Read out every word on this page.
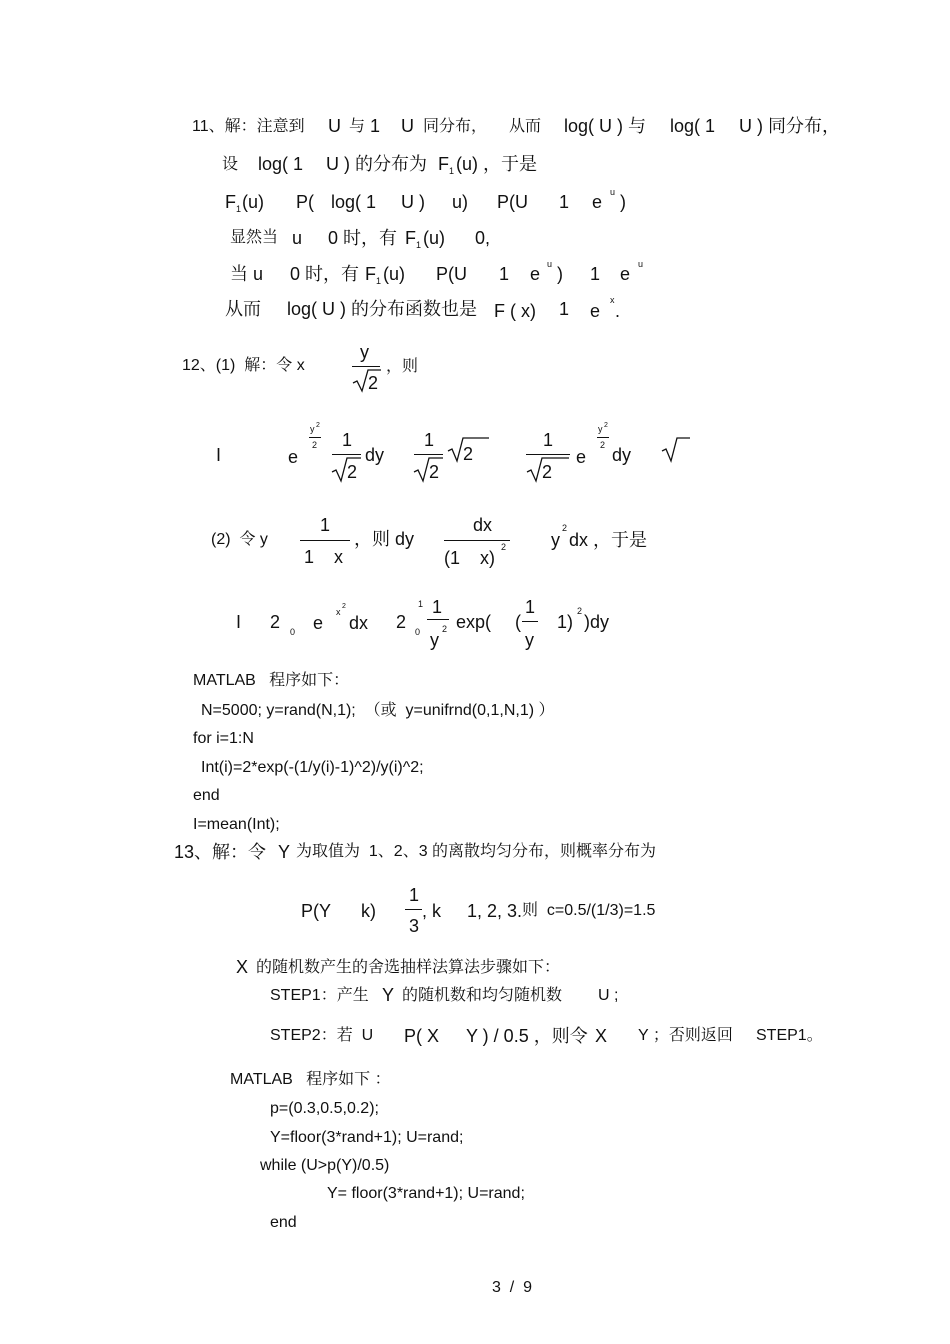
11、解：注意到 U 与 1 U 同分布， 从而 log( U ) 与 log( 1 U ) 同分布，
设 log( 1 U ) 的分布为 F 1 (u) ，于是
F 1 (u) P( log( 1 U ) u) P(U 1 e u )
显然当 u 0 时，有 F 1 (u) 0,
当 u 0 时，有 F 1 (u) P(U 1 e u ) 1 e u
从而 log( U ) 的分布函数也是 F ( x) 1 e
x
.
12、(1)  解：令 x
y
2
，则
I	e
y 2
2 1
2
dy
1
2
2
1
2
e
y 2
2 dy
(2)  令 y
1
1    x
，则 dy
dx
(1    x)
2 y
2
dx ，于是
I 2 0 e
x
2
dx 2
1
0
1
y
2 exp( (
1
y
1)
2
)dy
MATLAB   程序如下：
N=5000; y=rand(N,1);  （或  y=unifrnd(0,1,N,1) ）
for i=1:N
Int(i)=2*exp(-(1/y(i)-1)^2)/y(i)^2;
end
I=mean(Int);
13、解：令 Y 为取值为  1、2、3 的离散均匀分布，则概率分布为
P(Y k)
1
3
, k 1, 2, 3. 则  c=0.5/(1/3)=1.5
X 的随机数产生的舍选抽样法算法步骤如下：
STEP1：产生 Y 的随机数和均匀随机数 U ;
STEP2：若  U P( X Y ) / 0.5 ，则令 X Y ；否则返回 STEP1。
MATLAB   程序如下 ：
p=(0.3,0.5,0.2);
Y=floor(3*rand+1); U=rand;
while (U>p(Y)/0.5)
Y= floor(3*rand+1); U=rand;
end
3  /  9
